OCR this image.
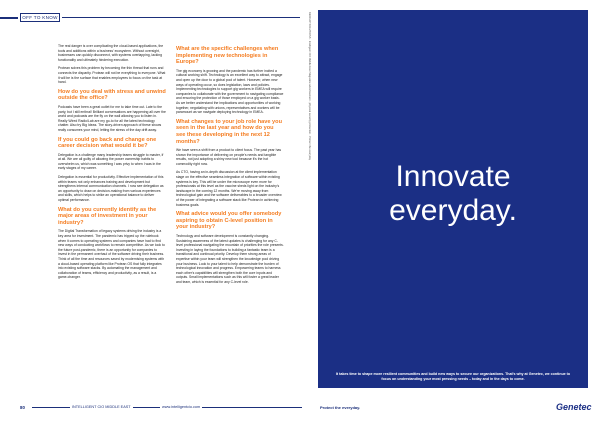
OFF TO KNOW
The real danger is over complicating the cloud-based applications, the tools and additions within a business' ecosystem. Without oversight, businesses can quickly disconnect, with systems overlapping, lacking functionality and ultimately hindering execution.
Protean solves this problem by becoming the thin thread that runs and connects the disparity. Protean will not be everything to everyone. What it will be is the surface that enables employees to focus on the task at hand.
How do you deal with stress and unwind outside the office?
Podcasts have been a great outlet for me to take time out. Late to the party, but I still enthral! Brilliant conversations are happening all over the world and podcasts are the fly on the wall allowing you to listen in. Really Wired Radio/Lab are my go-to for all the latest technology chatter. Also try Big Ideas. The story-driven approach of these shows really consumes your mind, letting the stress of the day drift away.
If you could go back and change one career decision what would it be?
Delegation is a challenge many leadership teams struggle to master, if at all. We are all guilty of allowing the power ownership habits to overwhelm us, which was something I was privy to when I was in the early stages of my career.
Delegation is essential for productivity. Effective implementation of this within teams not only enhances training and development but strengthens internal communication channels. I now see delegation as an opportunity to draw on decision-making from various experiences and skills, which helps to strike an operational balance to deliver optimal performance.
What do you currently identify as the major areas of investment in your industry?
The Digital Transformation of legacy systems driving the industry is a key area for investment. The pandemic has tripped up the rulebook when it comes to operating systems and companies have had to find new ways of conducting workflows to remain competitive. As we look to the future post-pandemic, there is an opportunity for companies to invest in the permanent overhaul of the software driving their business. Think of all the time and resources saved by modernising systems with a cloud-based operating platform like Protean OS that fully integrates into existing software stacks. By automating the management and collaboration of teams, efficiency and productivity, as a result, is a game-changer.
What are the specific challenges when implementing new technologies in Europe?
The gig economy is growing and the pandemic has further incited a cultural working shift. Technology is an excellent way to attract, engage and open up the door to a global pool of talent. However, when new ways of operating occur, so does legislation, laws and policies. Implementing technologies to support gig workers in EMEA will require companies to collaborate with the government to navigating compliance and ensuring the protection of those employed on a gig worker basis. As we better understand the implications and opportunities of working together, negotiating with unions, representatives and workers will be paramount as we navigate deploying technology in EMEA.
What changes to your job role have you seen in the last year and how do you see these developing in the next 12 months?
We have seen a shift from a product to client focus. The past year has shown the importance of delivering on people's needs and tangible results, not just adopting a shiny new tool because it's the hot commodity right now.
As CTO, having an in-depth discussion at the client implementation stage on the effective seamless integration of software within existing systems is key. This will be under the microscope even more for professionals at this level as the vaccine sheds light on the industry's landscape in the coming 12 months. We're moving away from technological gain and the software deliverables to a broader overview of the power of integrating a software stack like Protean in achieving business goals.
What advice would you offer somebody aspiring to obtain C-level position in your industry?
Technology and software development is constantly changing. Sustaining awareness of the latest updates is challenging for any C-level professional navigating the mountain of priorities the role presents. Investing in laying the foundations to building a fantastic team is a transitional and continual priority. Develop them strong areas of expertise within your team will strengthen the knowledge pool driving your business. Look to your talent to help demonstrate the burden of technological innovation and progress. Empowering teams to harness each other's capabilities will strengthen both the core inputs and outputs. Small implementations such as this will foster a great leader and team, which is essential for any C-level role.
80	INTELLIGENT CIO MIDDLE EAST	www.intelligentcio.com
REDCAP SOLUTIONS · Intelligent CIO Middle East Magazine advertisement · physical security protection · Protect the everyday
Innovate
everyday.
It takes time to shape more resilient communities and build new ways to secure our organizations. That's why at Genetec, we continue to focus on understanding your most pressing needs – today and in the days to come.
We surveyed 1600+ physical security professionals in EMEA. Want to know what they had to say? Download the State of Physical Security 2020 report at genetec.com
Protect the everyday.	Genetec
